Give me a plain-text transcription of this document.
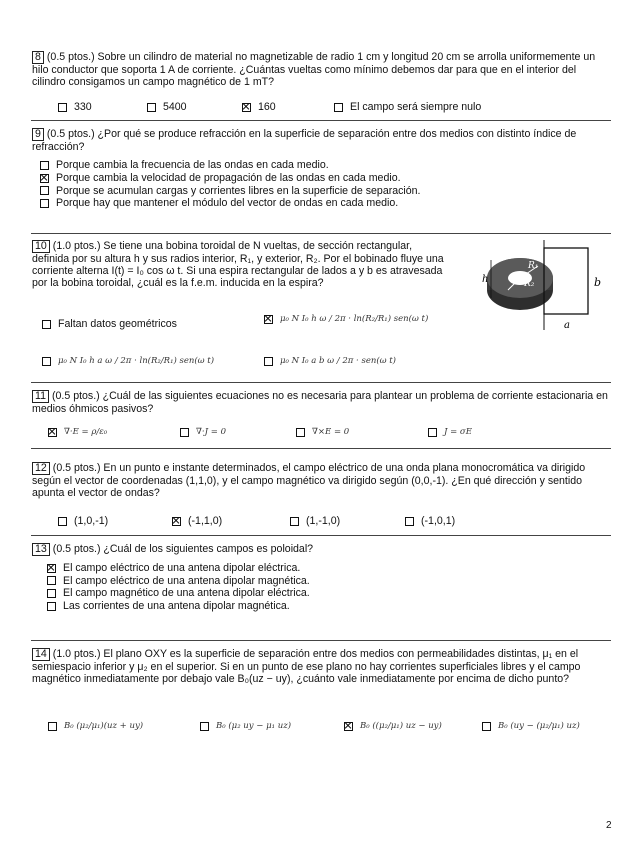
8 (0.5 ptos.) Sobre un cilindro de material no magnetizable de radio 1 cm y longitud 20 cm se arrolla uniformemente un hilo conductor que soporta 1 A de corriente. ¿Cuántas vueltas como mínimo debemos dar para que en el interior del cilindro consigamos un campo magnético de 1 mT?
330	5400	160	El campo será siempre nulo
9 (0.5 ptos.) ¿Por qué se produce refracción en la superficie de separación entre dos medios con distinto índice de refracción?
Porque cambia la frecuencia de las ondas en cada medio.
Porque cambia la velocidad de propagación de las ondas en cada medio.
Porque se acumulan cargas y corrientes libres en la superficie de separación.
Porque hay que mantener el módulo del vector de ondas en cada medio.
10 (1.0 ptos.) Se tiene una bobina toroidal de N vueltas, de sección rectangular, definida por su altura h y sus radios interior, R₁, y exterior, R₂. Por el bobinado fluye una corriente alterna I(t) = I₀ cos ω t. Si una espira rectangular de lados a y b es atravesada por la bobina toroidal, ¿cuál es la f.e.m. inducida en la espira?	h
R₁
R₂	b
a
Faltan datos geométricos	μ₀ N I₀ h ω / 2π · ln(R₂/R₁) sen(ω t)
μ₀ N I₀ h a ω / 2π · ln(R₂/R₁) sen(ω t)	μ₀ N I₀ a b ω / 2π · sen(ω t)
11 (0.5 ptos.) ¿Cuál de las siguientes ecuaciones no es necesaria para plantear un problema de corriente estacionaria en medios óhmicos pasivos?
∇·E = ρ/ε₀	∇·J = 0	∇×E = 0	J = σE
12 (0.5 ptos.) En un punto e instante determinados, el campo eléctrico de una onda plana monocromática va dirigido según el vector de coordenadas (1,1,0), y el campo magnético va dirigido según (0,0,-1). ¿En qué dirección y sentido apunta el vector de ondas?
(1,0,-1)	(-1,1,0)	(1,-1,0)	(-1,0,1)
13 (0.5 ptos.) ¿Cuál de los siguientes campos es poloidal?
El campo eléctrico de una antena dipolar eléctrica.
El campo eléctrico de una antena dipolar magnética.
El campo magnético de una antena dipolar eléctrica.
Las corrientes de una antena dipolar magnética.
14 (1.0 ptos.) El plano OXY es la superficie de separación entre dos medios con permeabilidades distintas, μ₁ en el semiespacio inferior y μ₂ en el superior. Si en un punto de ese plano no hay corrientes superficiales libres y el campo magnético inmediatamente por debajo vale B₀(uz − uy), ¿cuánto vale inmediatamente por encima de dicho punto?
B₀ (μ₂/μ₁)(uz + uy)	B₀ (μ₂ uy − μ₁ uz)	B₀ ((μ₂/μ₁) uz − uy)	B₀ (uy − (μ₂/μ₁) uz)
2
